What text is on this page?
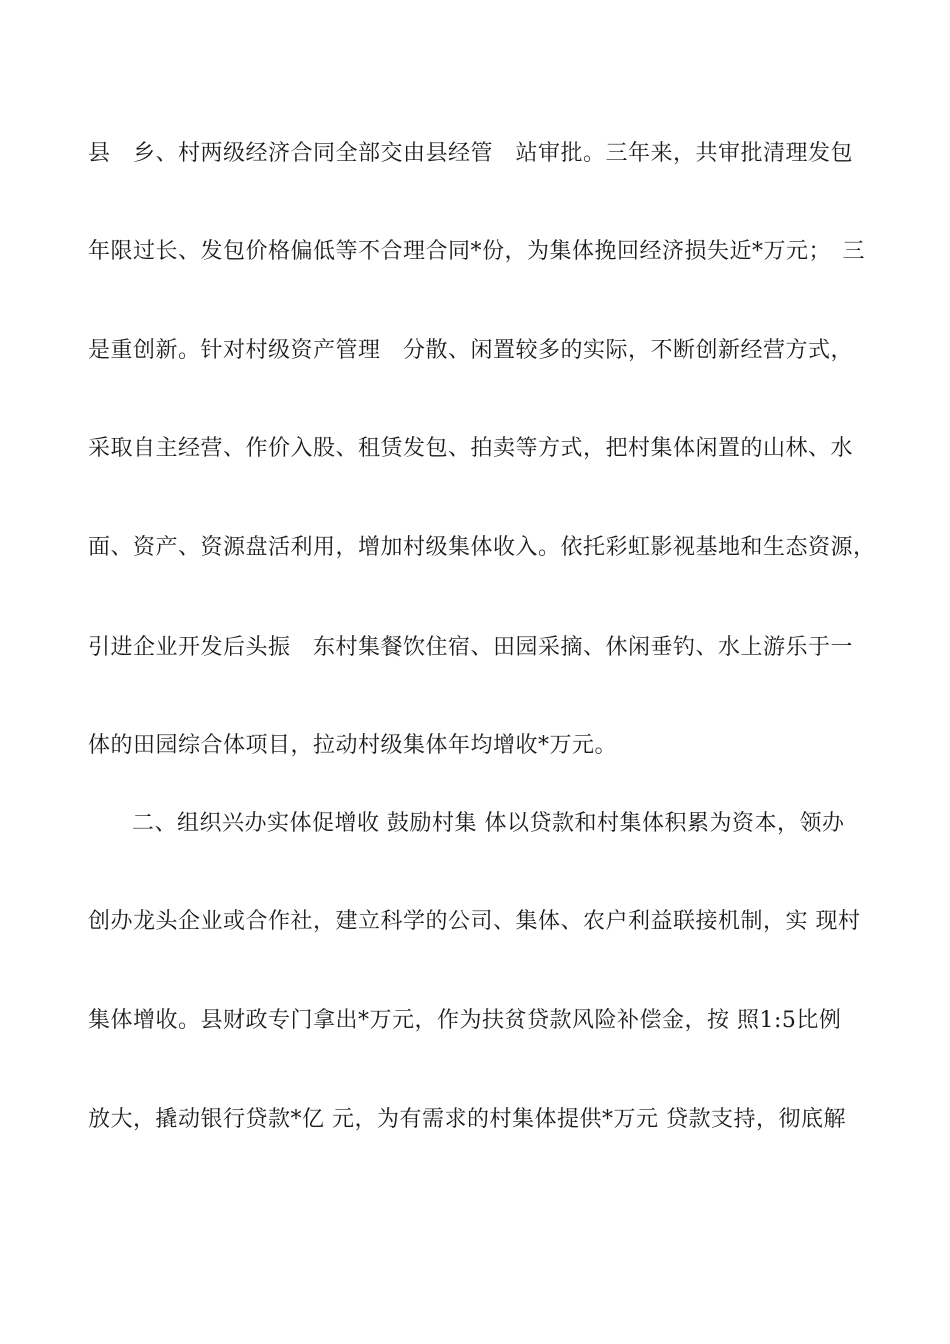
县　乡、村两级经济合同全部交由县经管　站审批。三年来，共审批清理发包
年限过长、发包价格偏低等不合理合同*份，为集体挽回经济损失近*万元；　三
是重创新。针对村级资产管理　分散、闲置较多的实际，不断创新经营方式，
采取自主经营、作价入股、租赁发包、拍卖等方式，把村集体闲置的山林、水
面、资产、资源盘活利用，增加村级集体收入。依托彩虹影视基地和生态资源，
引进企业开发后头振　东村集餐饮住宿、田园采摘、休闲垂钓、水上游乐于一
体的田园综合体项目，拉动村级集体年均增收*万元。
二、组织兴办实体促增收 鼓励村集 体以贷款和村集体积累为资本，领办
创办龙头企业或合作社，建立科学的公司、集体、农户利益联接机制，实 现村
集体增收。县财政专门拿出*万元，作为扶贫贷款风险补偿金，按 照1:5比例
放大，撬动银行贷款*亿 元，为有需求的村集体提供*万元 贷款支持，彻底解
